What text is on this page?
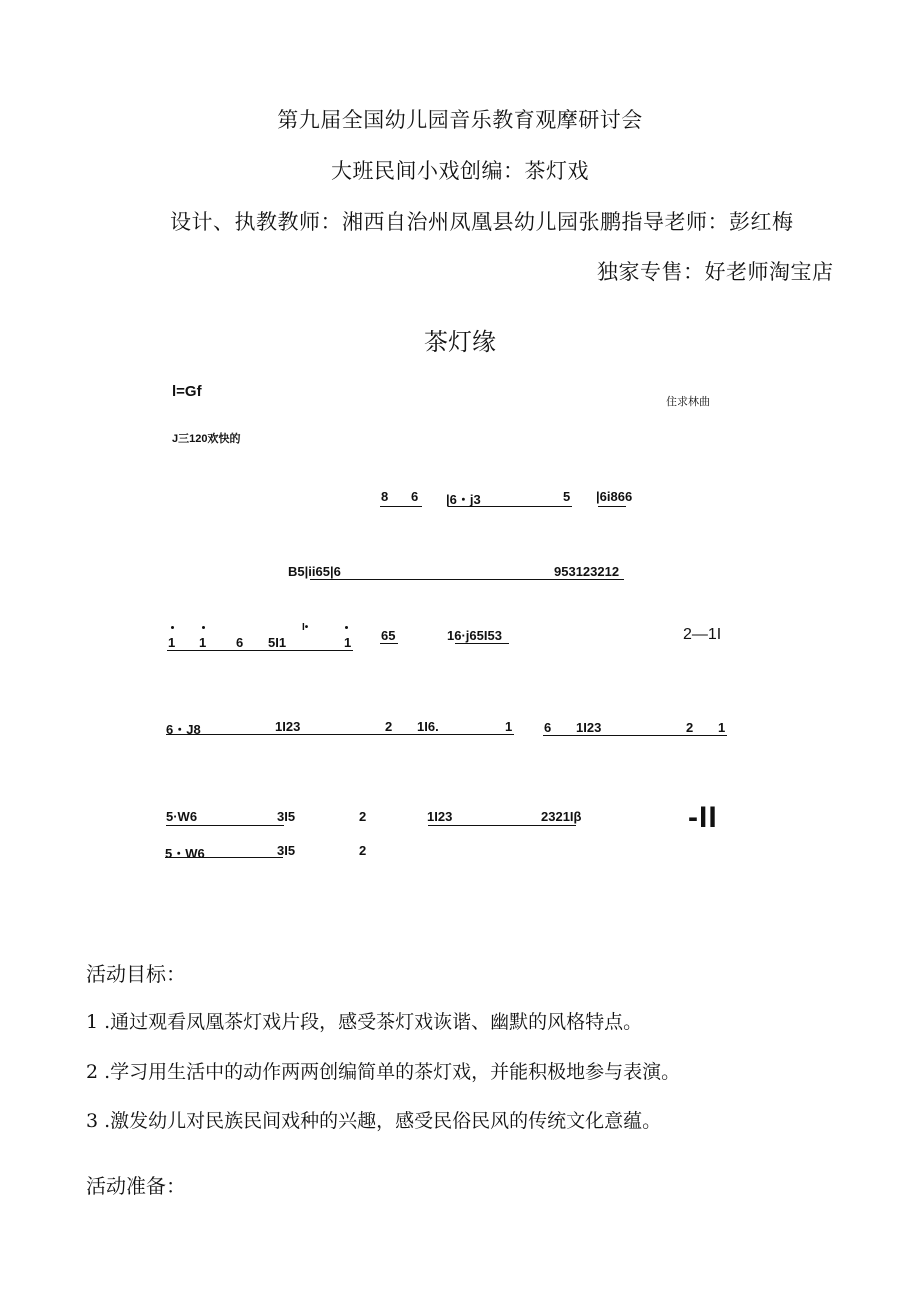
第九届全国幼儿园音乐教育观摩研讨会
大班民间小戏创编：茶灯戏
设计、执教教师：湘西自治州凤凰县幼儿园张鹏指导老师：彭红梅
独家专售：好老师淘宝店
茶灯缘
l=Gf
住求林曲
J三120欢快的
8 6 |6・j3	5 |6i866
B5|ii65|6	953123212
1 1 6 5I1
I•
1 65	16·j65I53	2—1I
6・J8	1I23	2 1I6.	1 6 1I23	2 1
5·W6	3I5	2	1I23	2321Iβ	-II
5・W6	3I5	2
活动目标：
1 .通过观看凤凰茶灯戏片段，感受茶灯戏诙谐、幽默的风格特点。
2 .学习用生活中的动作两两创编简单的茶灯戏，并能积极地参与表演。
3 .激发幼儿对民族民间戏种的兴趣，感受民俗民风的传统文化意蕴。
活动准备：
